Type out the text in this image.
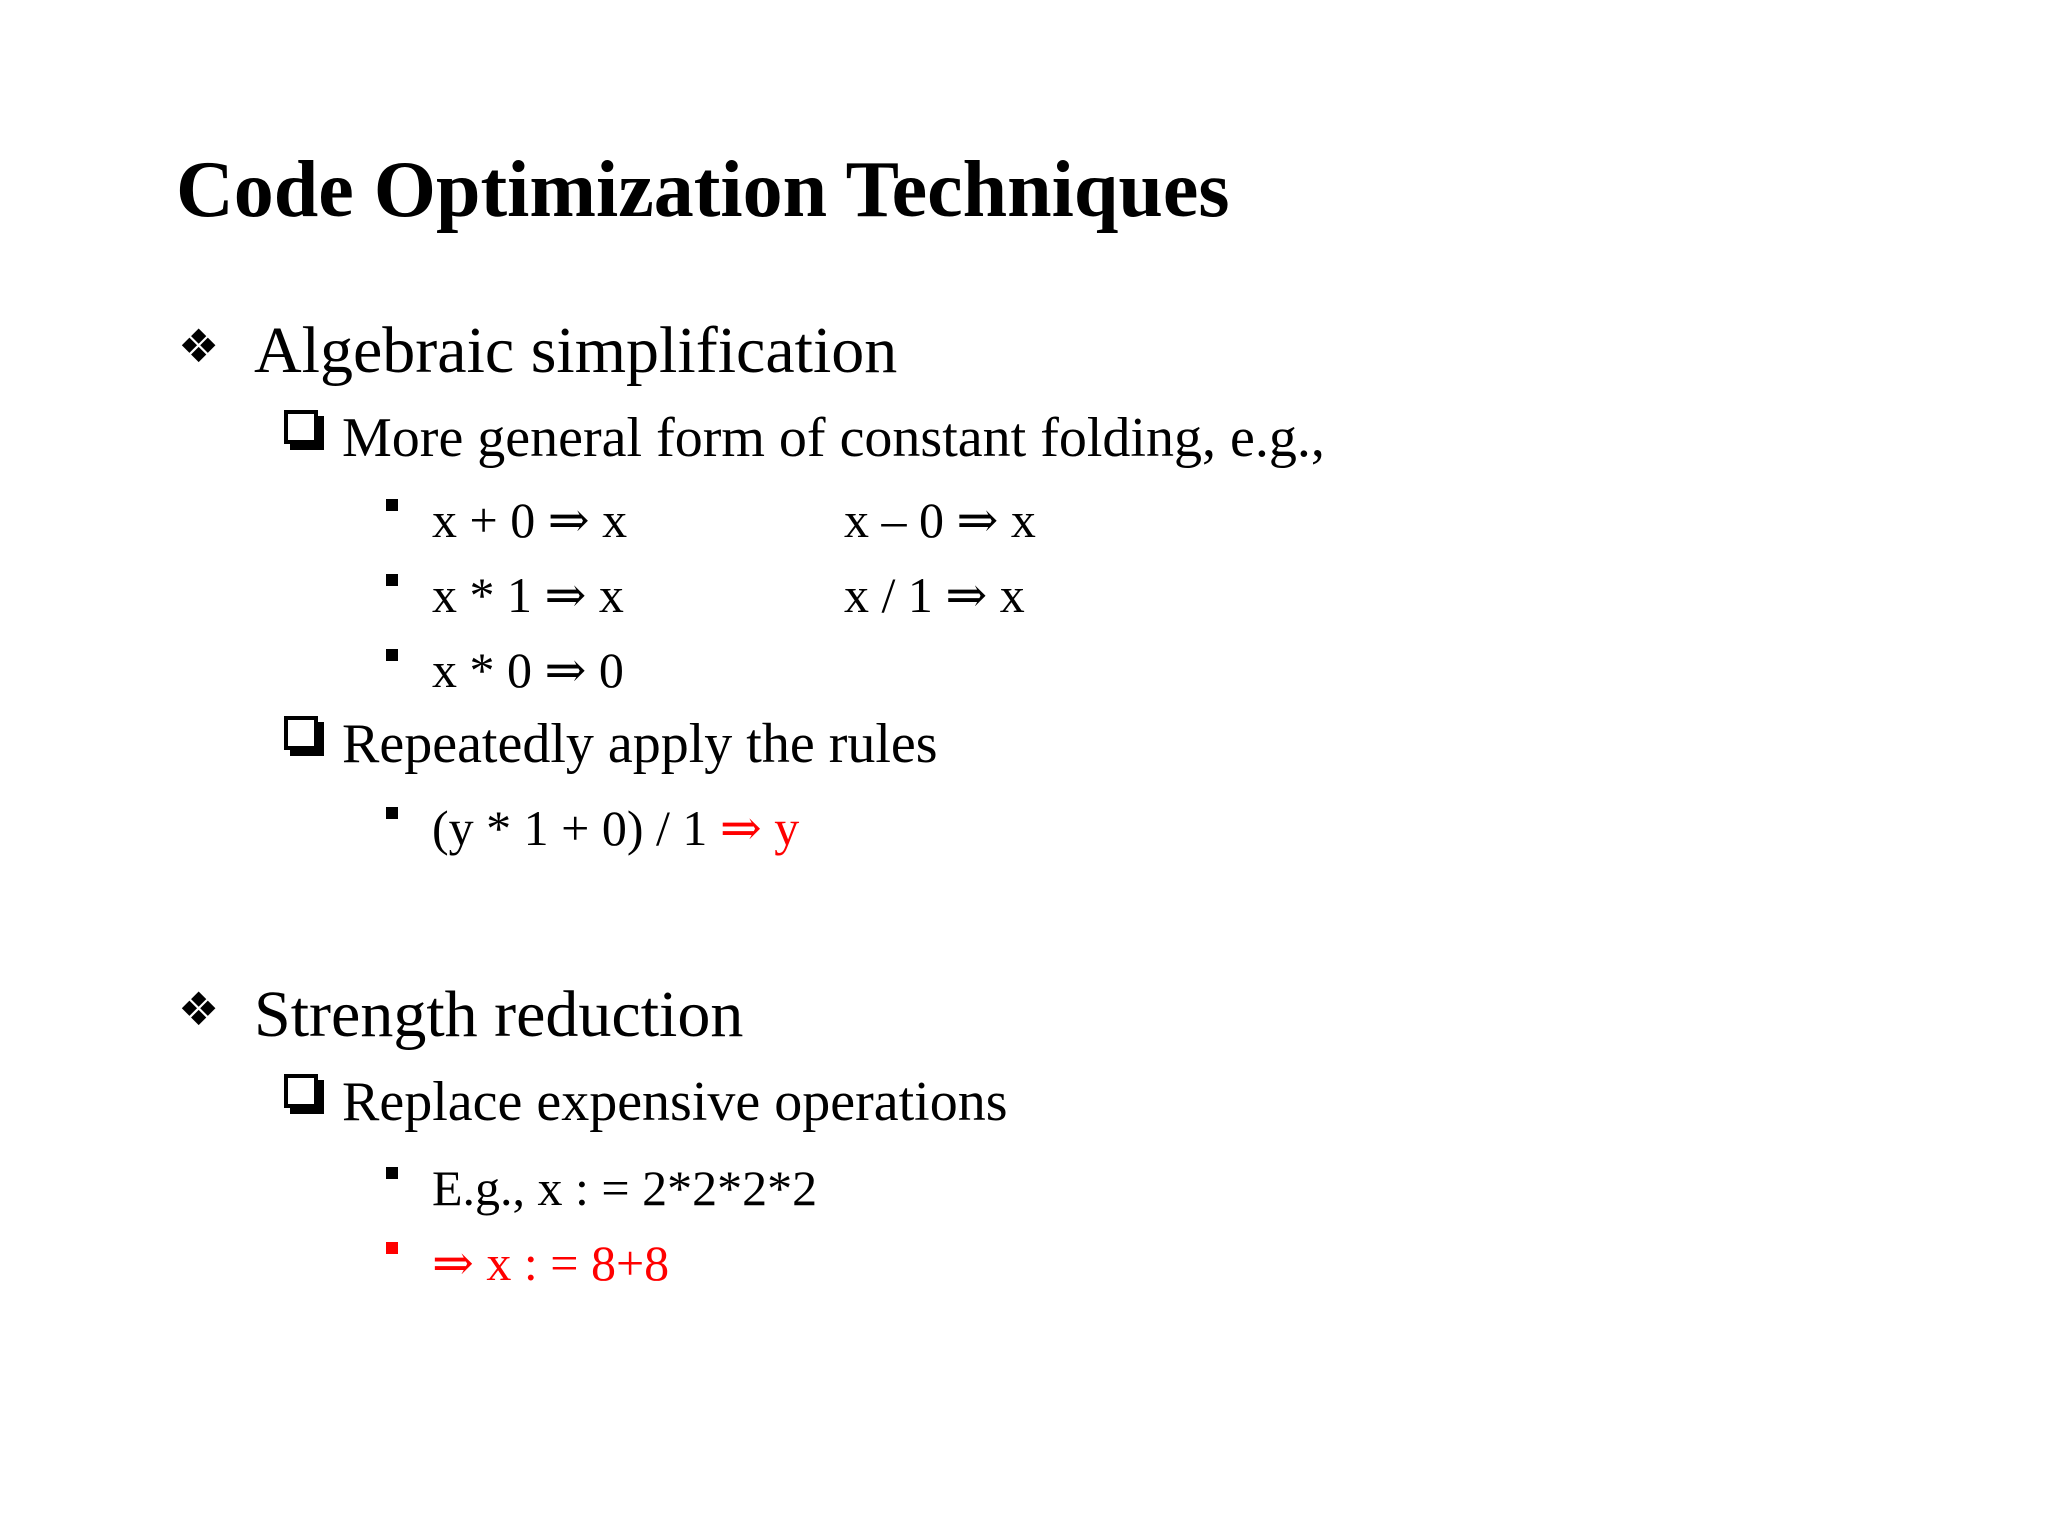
Code Optimization Techniques
❖ Algebraic simplification
More general form of constant folding, e.g.,
x + 0 ⇒ x	x – 0 ⇒ x
x * 1 ⇒ x	x / 1 ⇒ x
x * 0 ⇒ 0
Repeatedly apply the rules
(y * 1 + 0) / 1 ⇒ y
❖ Strength reduction
Replace expensive operations
E.g., x : = 2*2*2*2
⇒ x : = 8+8
